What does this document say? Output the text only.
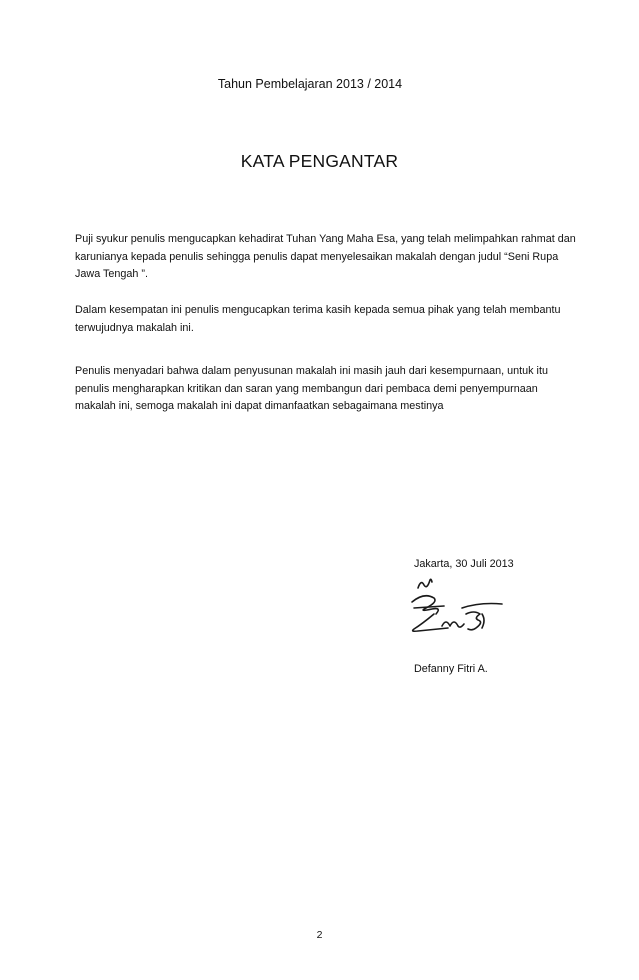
Tahun Pembelajaran 2013 / 2014
KATA PENGANTAR

Puji syukur penulis mengucapkan kehadirat Tuhan Yang Maha Esa, yang telah melimpahkan rahmat dan
karunianya kepada penulis sehingga penulis dapat menyelesaikan makalah dengan judul “Seni Rupa
Jawa Tengah ”.

Dalam kesempatan ini penulis mengucapkan terima kasih kepada semua pihak yang telah membantu
terwujudnya makalah ini.

Penulis menyadari bahwa dalam penyusunan makalah ini masih jauh dari kesempurnaan, untuk itu
penulis mengharapkan kritikan dan saran yang membangun dari pembaca demi penyempurnaan
makalah ini, semoga makalah ini dapat dimanfaatkan sebagaimana mestinya

Jakarta, 30 Juli 2013
Defanny Fitri A.
2
